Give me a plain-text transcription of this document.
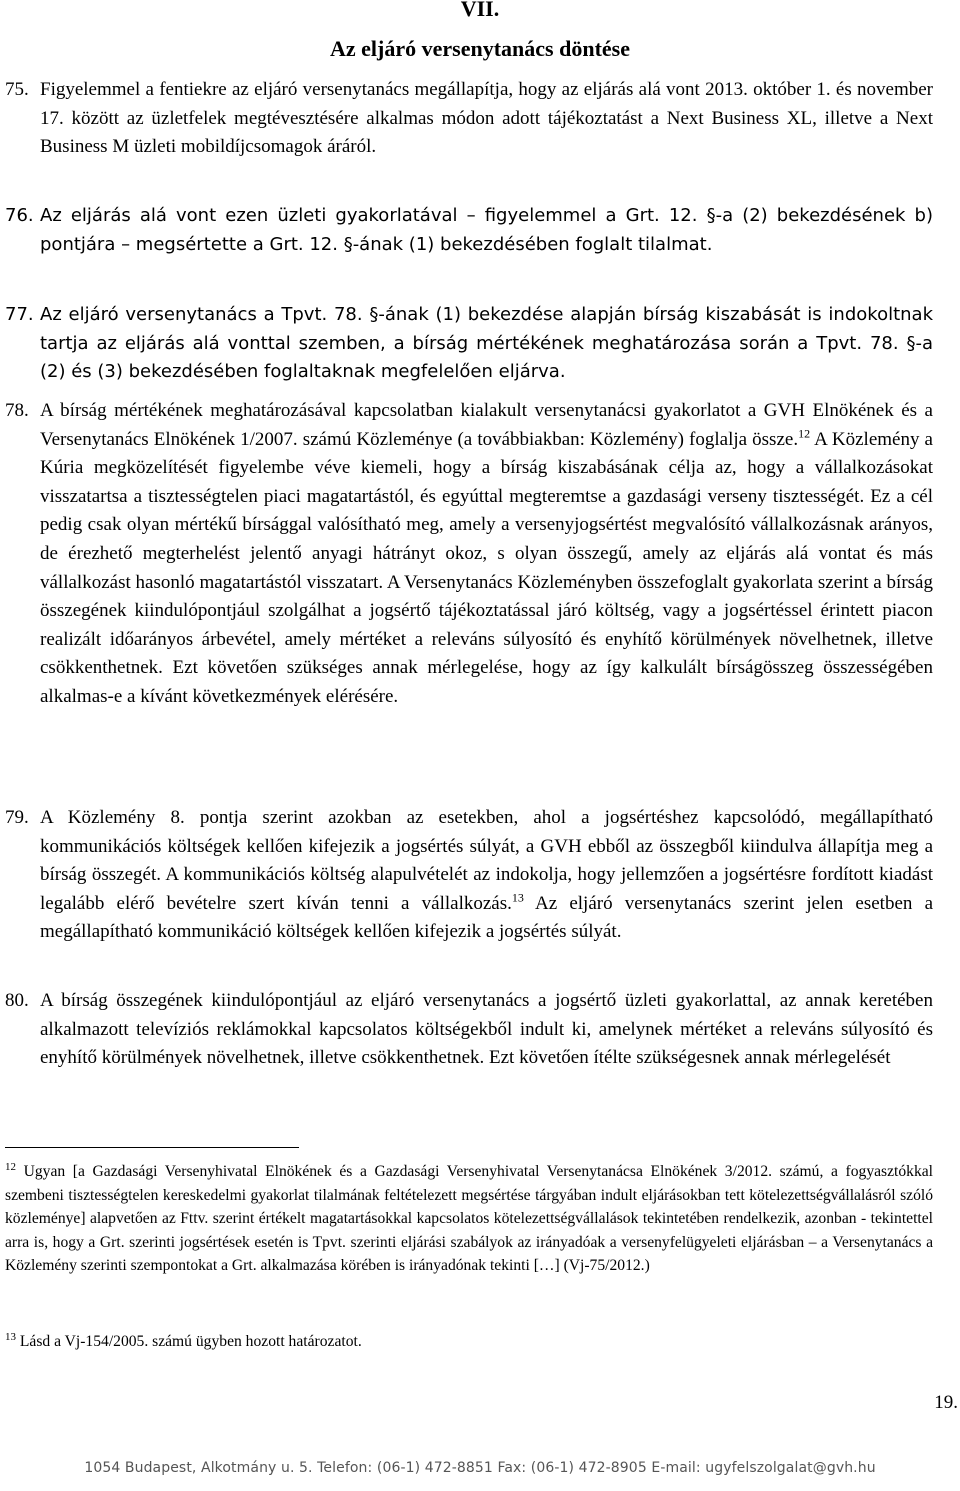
VII.
Az eljáró versenytanács döntése
75. Figyelemmel a fentiekre az eljáró versenytanács megállapítja, hogy az eljárás alá vont 2013. október 1. és november 17. között az üzletfelek megtévesztésére alkalmas módon adott tájékoztatást a Next Business XL, illetve a Next Business M üzleti mobildíjcsomagok áráról.
76. Az eljárás alá vont ezen üzleti gyakorlatával – figyelemmel a Grt. 12. §-a (2) bekezdésének b) pontjára – megsértette a Grt. 12. §-ának (1) bekezdésében foglalt tilalmat.
77. Az eljáró versenytanács a Tpvt. 78. §-ának (1) bekezdése alapján bírság kiszabását is indokoltnak tartja az eljárás alá vonttal szemben, a bírság mértékének meghatározása során a Tpvt. 78. §-a (2) és (3) bekezdésében foglaltaknak megfelelően eljárva.
78. A bírság mértékének meghatározásával kapcsolatban kialakult versenytanácsi gyakorlatot a GVH Elnökének és a Versenytanács Elnökének 1/2007. számú Közleménye (a továbbiakban: Közlemény) foglalja össze.$^{12}$ A Közlemény a Kúria megközelítését figyelembe véve kiemeli, hogy a bírság kiszabásának célja az, hogy a vállalkozásokat visszatartsa a tisztességtelen piaci magatartástól, és egyúttal megteremtse a gazdasági verseny tisztességét. Ez a cél pedig csak olyan mértékű bírsággal valósítható meg, amely a versenyjogsértést megvalósító vállalkozásnak arányos, de érezhető megterhelést jelentő anyagi hátrányt okoz, s olyan összegű, amely az eljárás alá vontat és más vállalkozást hasonló magatartástól visszatart. A Versenytanács Közleményben összefoglalt gyakorlata szerint a bírság összegének kiindulópontjául szolgálhat a jogsértő tájékoztatással járó költség, vagy a jogsértéssel érintett piacon realizált időarányos árbevétel, amely mértéket a releváns súlyosító és enyhítő körülmények növelhetnek, illetve csökkenthetnek. Ezt követően szükséges annak mérlegelése, hogy az így kalkulált bírságösszeg összességében alkalmas-e a kívánt következmények elérésére.
79. A Közlemény 8. pontja szerint azokban az esetekben, ahol a jogsértéshez kapcsolódó, megállapítható kommunikációs költségek kellően kifejezik a jogsértés súlyát, a GVH ebből az összegből kiindulva állapítja meg a bírság összegét. A kommunikációs költség alapulvételét az indokolja, hogy jellemzően a jogsértésre fordított kiadást legalább elérő bevételre szert kíván tenni a vállalkozás.$^{13}$ Az eljáró versenytanács szerint jelen esetben a megállapítható kommunikáció költségek kellően kifejezik a jogsértés súlyát.
80. A bírság összegének kiindulópontjául az eljáró versenytanács a jogsértő üzleti gyakorlattal, az annak keretében alkalmazott televíziós reklámokkal kapcsolatos költségekből indult ki, amelynek mértéket a releváns súlyosító és enyhítő körülmények növelhetnek, illetve csökkenthetnek. Ezt követően ítélte szükségesnek annak mérlegelését
$^{12}$ Ugyan [a Gazdasági Versenyhivatal Elnökének és a Gazdasági Versenyhivatal Versenytanácsa Elnökének 3/2012. számú, a fogyasztókkal szembeni tisztességtelen kereskedelmi gyakorlat tilalmának feltételezett megsértése tárgyában indult eljárásokban tett kötelezettségvállalásról szóló közleménye] alapvetően az Fttv. szerint értékelt magatartásokkal kapcsolatos kötelezettségvállalások tekintetében rendelkezik, azonban - tekintettel arra is, hogy a Grt. szerinti jogsértések esetén is Tpvt. szerinti eljárási szabályok az irányadóak a versenyfelügyeleti eljárásban – a Versenytanács a Közlemény szerinti szempontokat a Grt. alkalmazása körében is irányadónak tekinti […] (Vj-75/2012.)
$^{13}$ Lásd a Vj-154/2005. számú ügyben hozott határozatot.
19.
1054 Budapest, Alkotmány u. 5. Telefon: (06-1) 472-8851 Fax: (06-1) 472-8905 E-mail: ugyfelszolgalat@gvh.hu
